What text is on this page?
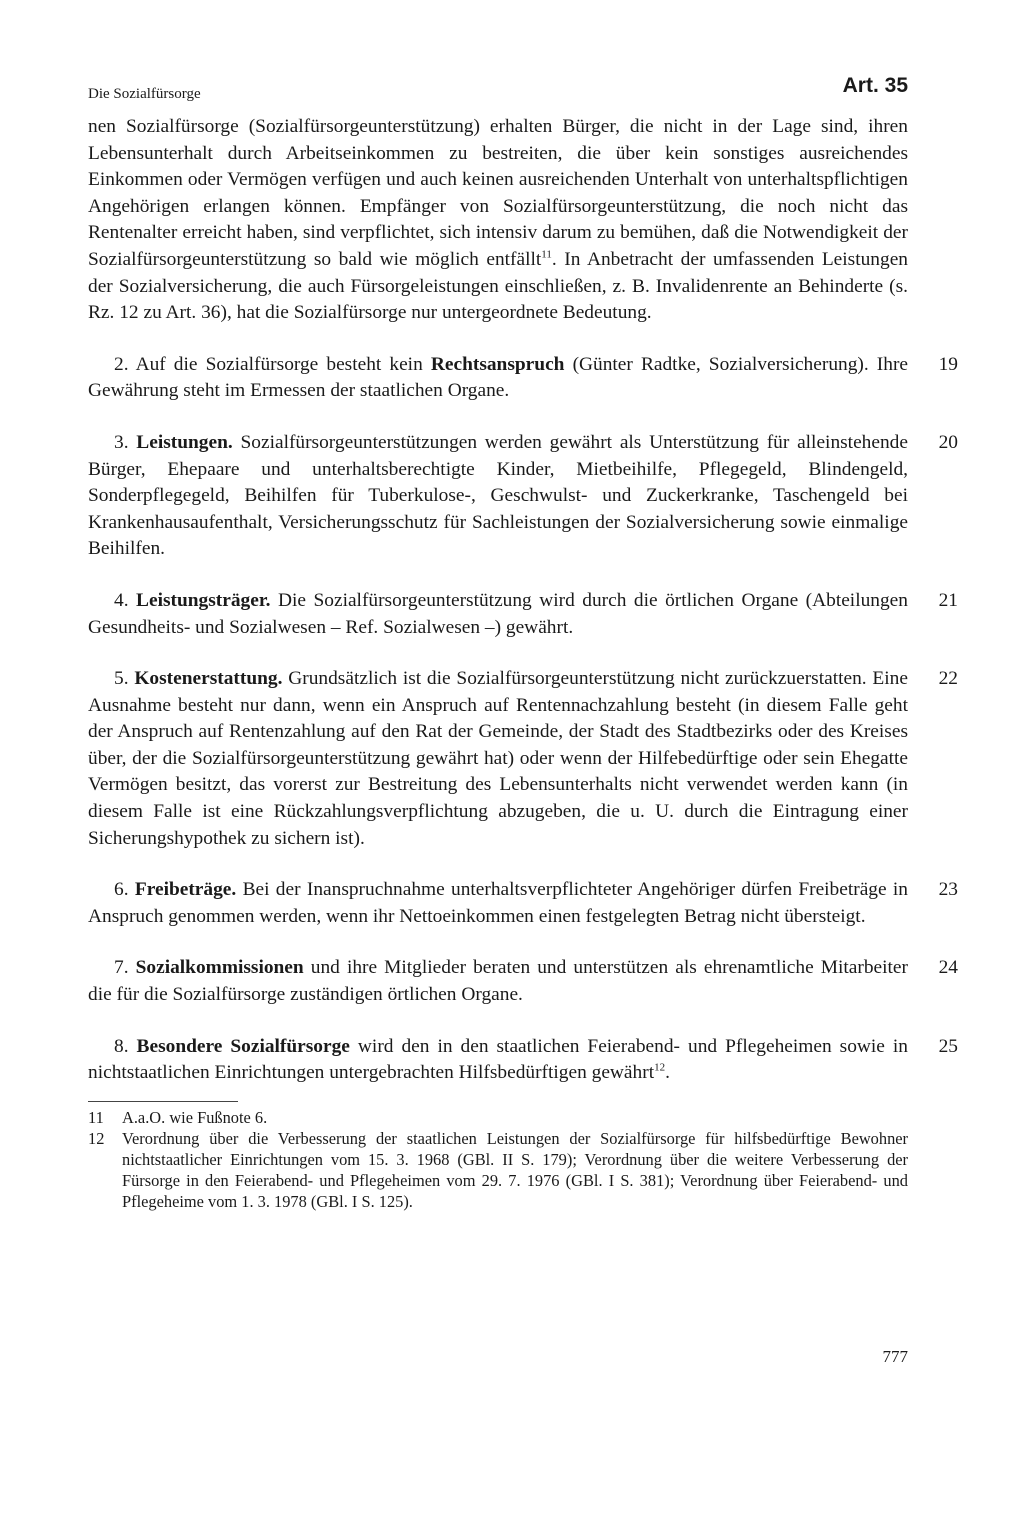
Die Sozialfürsorge	Art. 35

nen Sozialfürsorge (Sozialfürsorgeunterstützung) erhalten Bürger, die nicht in der Lage sind, ihren Lebensunterhalt durch Arbeitseinkommen zu bestreiten, die über kein sonstiges ausreichendes Einkommen oder Vermögen verfügen und auch keinen ausreichenden Unterhalt von unterhaltspflichtigen Angehörigen erlangen können. Empfänger von Sozialfürsorgeunterstützung, die noch nicht das Rentenalter erreicht haben, sind verpflichtet, sich intensiv darum zu bemühen, daß die Notwendigkeit der Sozialfürsorgeunterstützung so bald wie möglich entfällt$^{11}$. In Anbetracht der umfassenden Leistungen der Sozialversicherung, die auch Fürsorgeleistungen einschließen, z. B. Invalidenrente an Behinderte (s. Rz. 12 zu Art. 36), hat die Sozialfürsorge nur untergeordnete Bedeutung.

19
2. Auf die Sozialfürsorge besteht kein Rechtsanspruch (Günter Radtke, Sozialversicherung). Ihre Gewährung steht im Ermessen der staatlichen Organe.

20
3. Leistungen. Sozialfürsorgeunterstützungen werden gewährt als Unterstützung für alleinstehende Bürger, Ehepaare und unterhaltsberechtigte Kinder, Mietbeihilfe, Pflegegeld, Blindengeld, Sonderpflegegeld, Beihilfen für Tuberkulose-, Geschwulst- und Zuckerkranke, Taschengeld bei Krankenhausaufenthalt, Versicherungsschutz für Sachleistungen der Sozialversicherung sowie einmalige Beihilfen.

21
4. Leistungsträger. Die Sozialfürsorgeunterstützung wird durch die örtlichen Organe (Abteilungen Gesundheits- und Sozialwesen – Ref. Sozialwesen –) gewährt.

22
5. Kostenerstattung. Grundsätzlich ist die Sozialfürsorgeunterstützung nicht zurückzuerstatten. Eine Ausnahme besteht nur dann, wenn ein Anspruch auf Rentennachzahlung besteht (in diesem Falle geht der Anspruch auf Rentenzahlung auf den Rat der Gemeinde, der Stadt des Stadtbezirks oder des Kreises über, der die Sozialfürsorgeunterstützung gewährt hat) oder wenn der Hilfebedürftige oder sein Ehegatte Vermögen besitzt, das vorerst zur Bestreitung des Lebensunterhalts nicht verwendet werden kann (in diesem Falle ist eine Rückzahlungsverpflichtung abzugeben, die u. U. durch die Eintragung einer Sicherungshypothek zu sichern ist).

23
6. Freibeträge. Bei der Inanspruchnahme unterhaltsverpflichteter Angehöriger dürfen Freibeträge in Anspruch genommen werden, wenn ihr Nettoeinkommen einen festgelegten Betrag nicht übersteigt.

24
7. Sozialkommissionen und ihre Mitglieder beraten und unterstützen als ehrenamtliche Mitarbeiter die für die Sozialfürsorge zuständigen örtlichen Organe.

25
8. Besondere Sozialfürsorge wird den in den staatlichen Feierabend- und Pflegeheimen sowie in nichtstaatlichen Einrichtungen untergebrachten Hilfsbedürftigen gewährt$^{12}$.

11	A.a.O. wie Fußnote 6.
12	Verordnung über die Verbesserung der staatlichen Leistungen der Sozialfürsorge für hilfsbedürftige Bewohner nichtstaatlicher Einrichtungen vom 15. 3. 1968 (GBl. II S. 179); Verordnung über die weitere Verbesserung der Fürsorge in den Feierabend- und Pflegeheimen vom 29. 7. 1976 (GBl. I S. 381); Verordnung über Feierabend- und Pflegeheime vom 1. 3. 1978 (GBl. I S. 125).
777
